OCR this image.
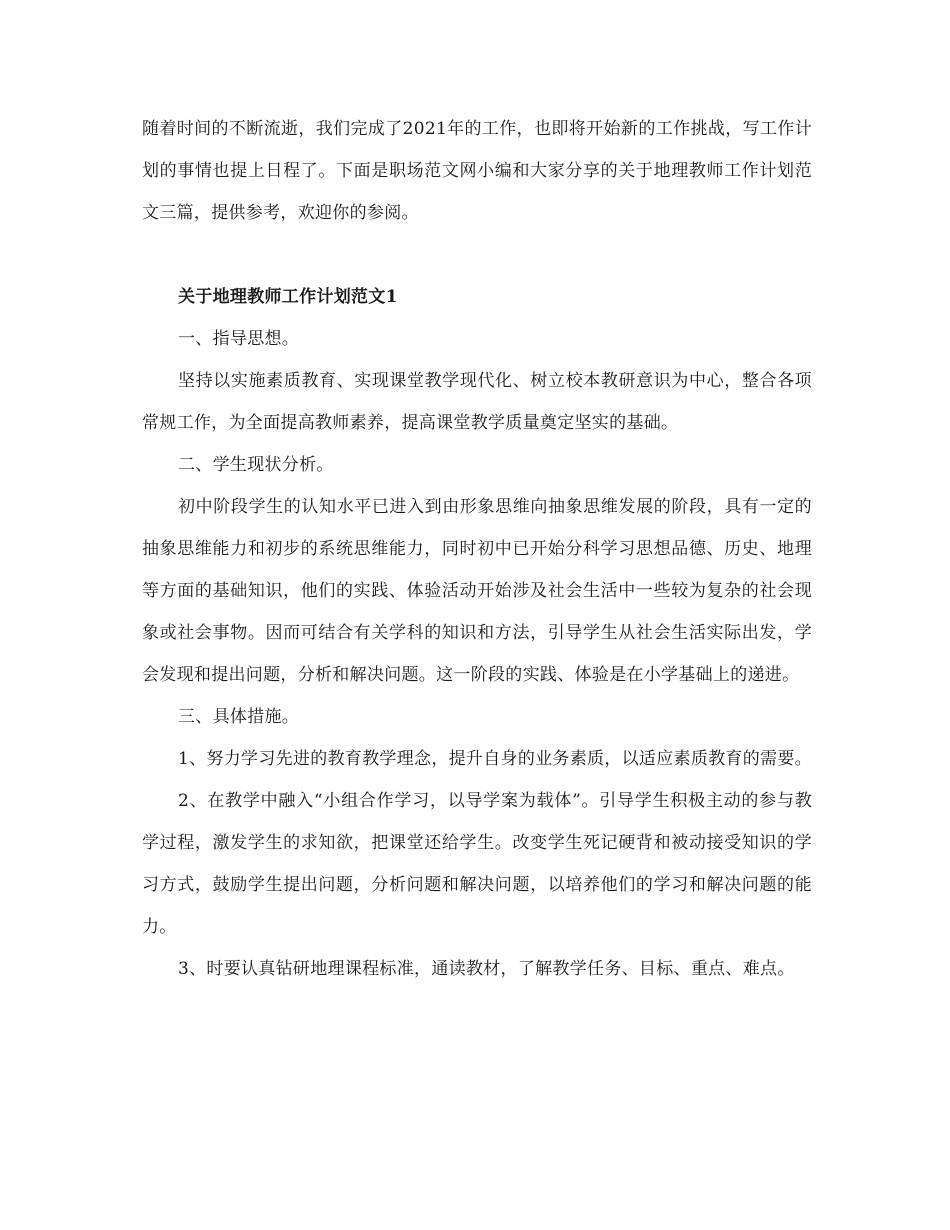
随着时间的不断流逝，我们完成了2021年的工作，也即将开始新的工作挑战，写工作计划的事情也提上日程了。下面是职场范文网小编和大家分享的关于地理教师工作计划范文三篇，提供参考，欢迎你的参阅。

关于地理教师工作计划范文1

一、指导思想。

坚持以实施素质教育、实现课堂教学现代化、树立校本教研意识为中心，整合各项常规工作，为全面提高教师素养，提高课堂教学质量奠定坚实的基础。

二、学生现状分析。

初中阶段学生的认知水平已进入到由形象思维向抽象思维发展的阶段，具有一定的抽象思维能力和初步的系统思维能力，同时初中已开始分科学习思想品德、历史、地理等方面的基础知识，他们的实践、体验活动开始涉及社会生活中一些较为复杂的社会现象或社会事物。因而可结合有关学科的知识和方法，引导学生从社会生活实际出发，学会发现和提出问题，分析和解决问题。这一阶段的实践、体验是在小学基础上的递进。

三、具体措施。

1、努力学习先进的教育教学理念，提升自身的业务素质，以适应素质教育的需要。

2、在教学中融入“小组合作学习，以导学案为载体”。引导学生积极主动的参与教学过程，激发学生的求知欲，把课堂还给学生。改变学生死记硬背和被动接受知识的学习方式，鼓励学生提出问题，分析问题和解决问题，以培养他们的学习和解决问题的能力。

3、时要认真钻研地理课程标准，通读教材，了解教学任务、目标、重点、难点。
